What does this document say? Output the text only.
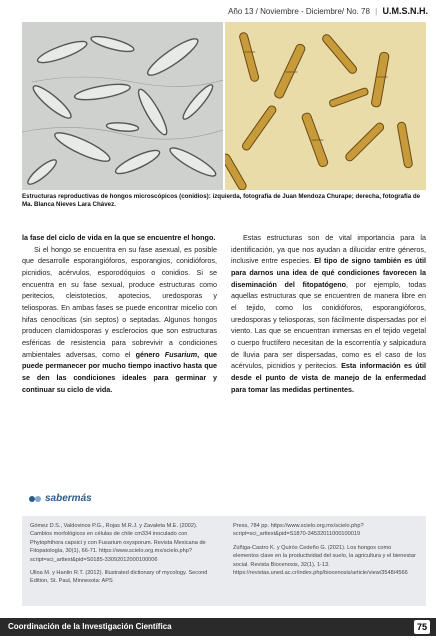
Año 13 / Noviembre - Diciembre/ No. 78 | U.M.S.N.H.
Estructuras reproductivas de hongos microscópicos (conidios): izquierda, fotografía de Juan Mendoza Churape; derecha, fotografía de Ma. Blanca Nieves Lara Chávez.

la fase del ciclo de vida en la que se encuentre el hongo.

Si el hongo se encuentra en su fase asexual, es posible que desarrolle esporangióforos, esporangios, conidióforos, picnidios, acérvulos, esporodóquios o conidios. Si se encuentra en su fase sexual, produce estructuras como peritecios, cleistotecios, apotecios, uredosporas y teliosporas. En ambas fases se puede encontrar micelio con hifas cenocíticas (sin septos) o septadas. Algunos hongos producen clamidosporas y esclerocios que son estructuras esféricas de resistencia para sobrevivir a condiciones ambientales adversas, como el género Fusarium, que puede permanecer por mucho tiempo inactivo hasta que se den las condiciones ideales para germinar y continuar su ciclo de vida.

Estas estructuras son de vital importancia para la identificación, ya que nos ayudan a dilucidar entre géneros, inclusive entre especies. El tipo de signo también es útil para darnos una idea de qué condiciones favorecen la diseminación del fitopatógeno, por ejemplo, todas aquellas estructuras que se encuentren de manera libre en el tejido, como los conidióforos, esporangióforos, uredosporas y teliosporas, son fácilmente dispersadas por el viento. Las que se encuentran inmersas en el tejido vegetal o cuerpo fructífero necesitan de la escorrentía y salpicadura de lluvia para ser dispersadas, como es el caso de los acérvulos, picnidios y peritecios. Esta información es útil desde el punto de vista de manejo de la enfermedad para tomar las medidas pertinentes.

sabermás

Gómez D.S., Valdovinos P.G., Rojas M.R.J. y Zavaleta M.E. (2002). Cambios morfológicos en células de chile cm334 inoculado con Phytophthora capsici y con Fusarium oxysporum. Revista Mexicana de Fitopatología, 30(1), 66-71. https://www.scielo.org.mx/scielo.php?script=sci_arttext&pid=S0185-33092012000100006

Ulloa M. y Hanlin R.T. (2012). Illustrated dictionary of mycology. Second Edition, St. Paul, Minnesota: APS

Press, 784 pp. https://www.scielo.org.mx/scielo.php?script=sci_arttext&pid=S1870-34532011000100019

Zúñiga-Castro K. y Quirós Cedeño G. (2021). Los hongos como elementos clave en la productividad del suelo, la agricultura y el bienestar social. Revista Biocenosis, 32(1), 1-13. https://revistas.uned.ac.cr/index.php/biocenosis/article/view/3548/4566

Coordinación de la Investigación Científica	75
